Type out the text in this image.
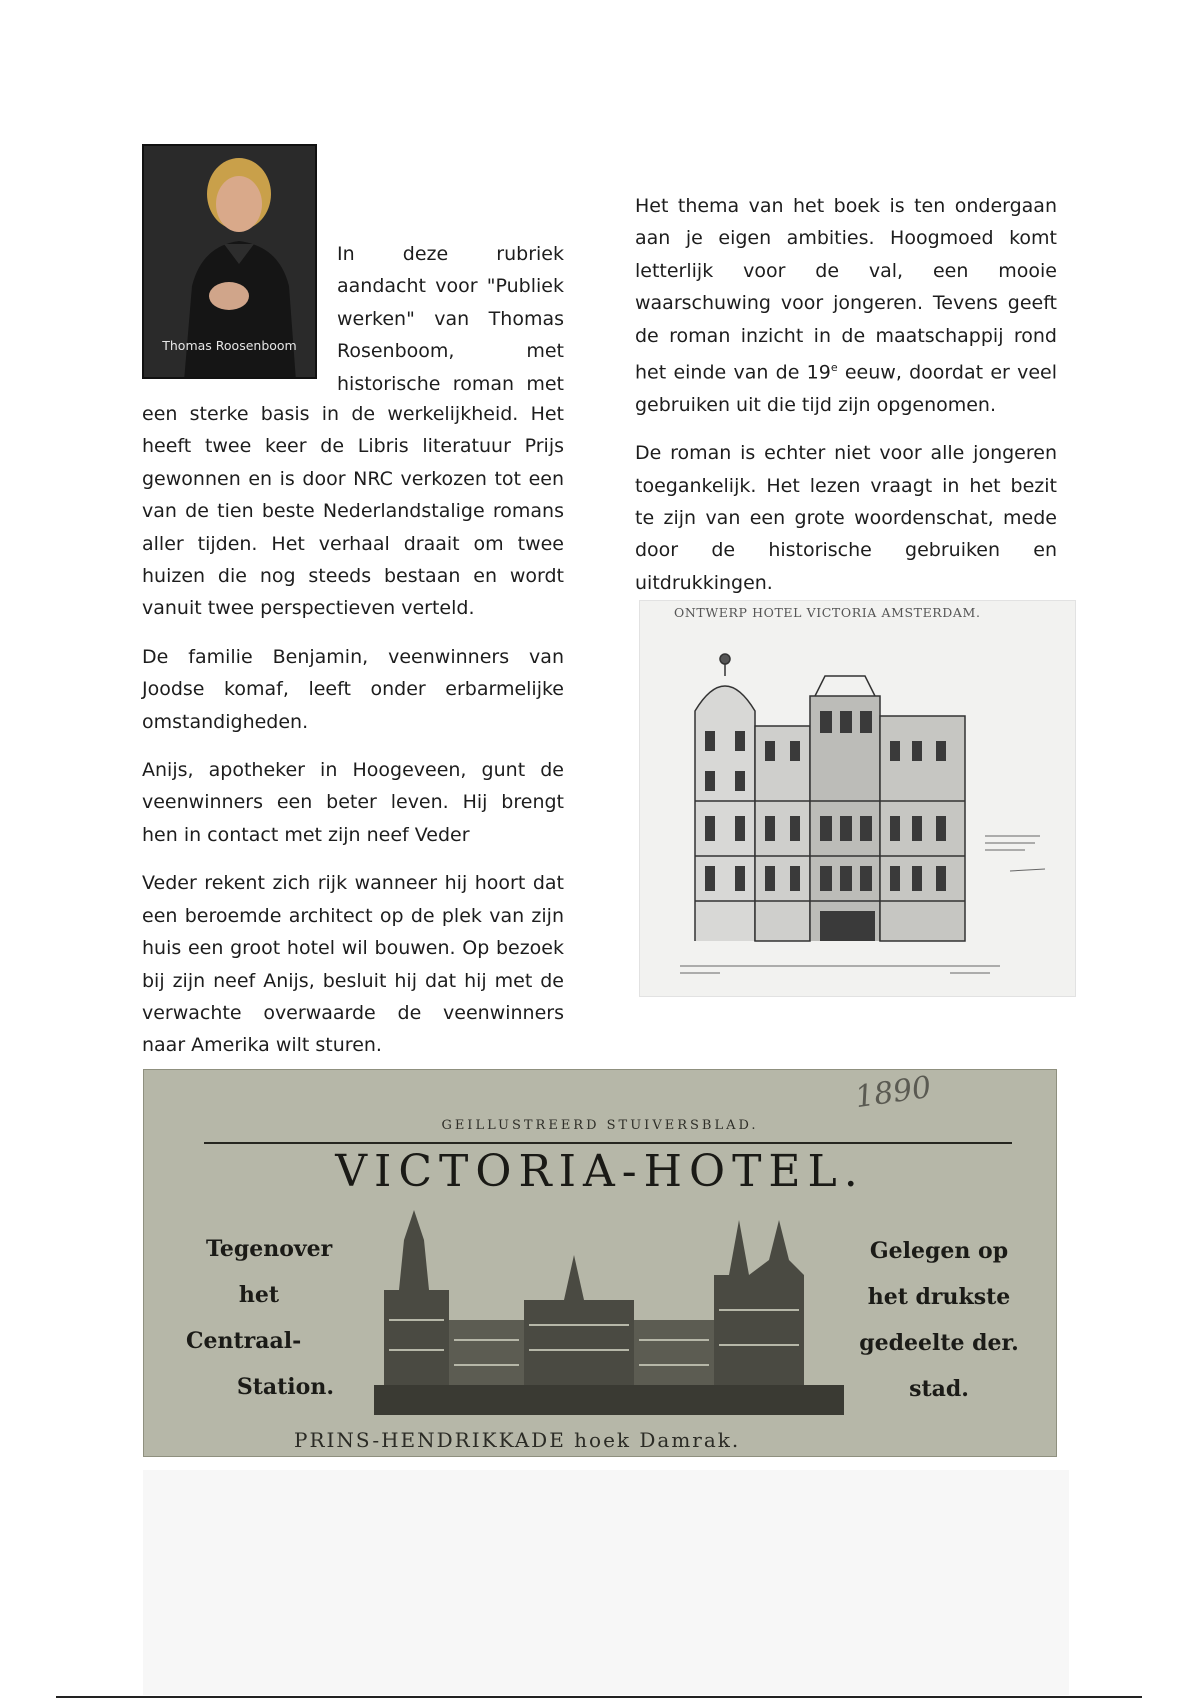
Thomas Roosenboom

In deze rubriek aandacht voor "Publiek werken" van Thomas Rosenboom, met historische roman met

een sterke basis in de werkelijkheid. Het heeft twee keer de Libris literatuur Prijs gewonnen en is door NRC verkozen tot een van de tien beste Nederlandstalige romans aller tijden. Het verhaal draait om twee huizen die nog steeds bestaan en wordt vanuit twee perspectieven verteld.

De familie Benjamin, veenwinners van Joodse komaf, leeft onder erbarmelijke omstandigheden.

Anijs, apotheker in Hoogeveen, gunt de veenwinners een beter leven. Hij brengt hen in contact met zijn neef Veder

Veder rekent zich rijk wanneer hij hoort dat een beroemde architect op de plek van zijn huis een groot hotel wil bouwen. Op bezoek bij zijn neef Anijs, besluit hij dat hij met de verwachte overwaarde de veenwinners naar Amerika wilt sturen.

Het thema van het boek is ten ondergaan aan je eigen ambities. Hoogmoed komt letterlijk voor de val, een mooie waarschuwing voor jongeren. Tevens geeft de roman inzicht in de maatschappij rond het einde van de 19e eeuw, doordat er veel gebruiken uit die tijd zijn opgenomen.

De roman is echter niet voor alle jongeren toegankelijk. Het lezen vraagt in het bezit te zijn van een grote woordenschat, mede door de historische gebruiken en uitdrukkingen.

ONTWERP HOTEL VICTORIA AMSTERDAM.
1890
GEILLUSTREERD STUIVERSBLAD.
VICTORIA-HOTEL.
Tegenover
het
Centraal-
Station.
Gelegen op
het drukste
gedeelte der.
stad.
PRINS-HENDRIKKADE hoek Damrak.
